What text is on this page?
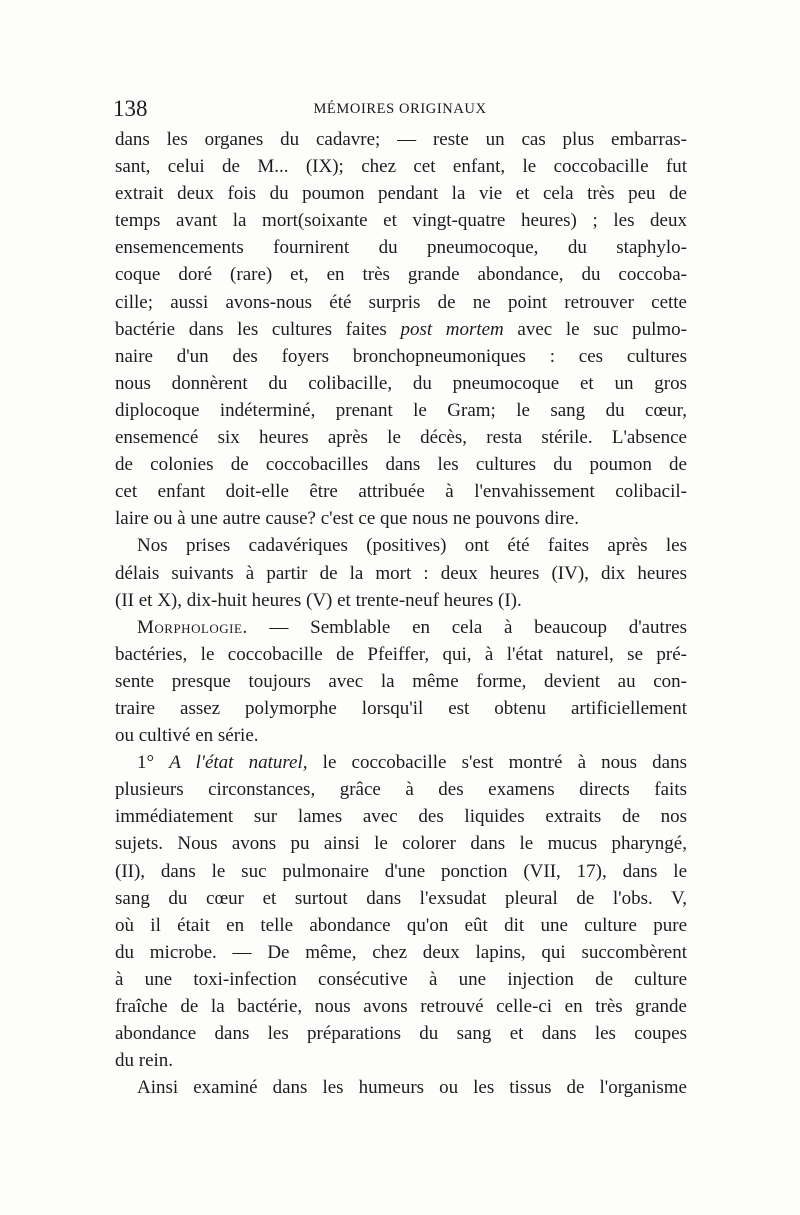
138	MÉMOIRES ORIGINAUX
dans les organes du cadavre; — reste un cas plus embarras-
sant, celui de M... (IX); chez cet enfant, le coccobacille fut
extrait deux fois du poumon pendant la vie et cela très peu de
temps avant la mort(soixante et vingt-quatre heures) ; les deux
ensemencements fournirent du pneumocoque, du staphylo-
coque doré (rare) et, en très grande abondance, du coccoba-
cille; aussi avons-nous été surpris de ne point retrouver cette
bactérie dans les cultures faites post mortem avec le suc pulmo-
naire d'un des foyers bronchopneumoniques : ces cultures
nous donnèrent du colibacille, du pneumocoque et un gros
diplocoque indéterminé, prenant le Gram; le sang du cœur,
ensemencé six heures après le décès, resta stérile. L'absence
de colonies de coccobacilles dans les cultures du poumon de
cet enfant doit-elle être attribuée à l'envahissement colibacil-
laire ou à une autre cause? c'est ce que nous ne pouvons dire.
Nos prises cadavériques (positives) ont été faites après les
délais suivants à partir de la mort : deux heures (IV), dix heures
(II et X), dix-huit heures (V) et trente-neuf heures (I).
Morphologie. — Semblable en cela à beaucoup d'autres
bactéries, le coccobacille de Pfeiffer, qui, à l'état naturel, se pré-
sente presque toujours avec la même forme, devient au con-
traire assez polymorphe lorsqu'il est obtenu artificiellement
ou cultivé en série.
1° A l'état naturel, le coccobacille s'est montré à nous dans
plusieurs circonstances, grâce à des examens directs faits
immédiatement sur lames avec des liquides extraits de nos
sujets. Nous avons pu ainsi le colorer dans le mucus pharyngé,
(II), dans le suc pulmonaire d'une ponction (VII, 17), dans le
sang du cœur et surtout dans l'exsudat pleural de l'obs. V,
où il était en telle abondance qu'on eût dit une culture pure
du microbe. — De même, chez deux lapins, qui succombèrent
à une toxi-infection consécutive à une injection de culture
fraîche de la bactérie, nous avons retrouvé celle-ci en très grande
abondance dans les préparations du sang et dans les coupes
du rein.
Ainsi examiné dans les humeurs ou les tissus de l'organisme
